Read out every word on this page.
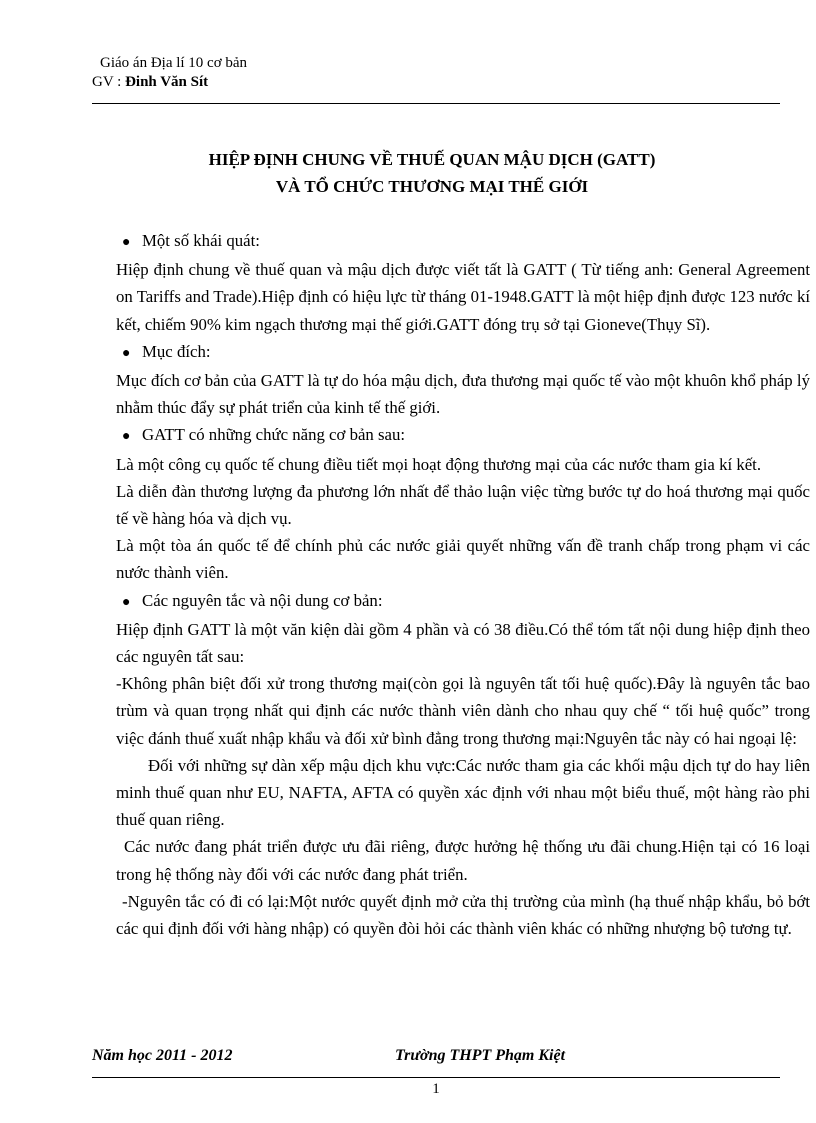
Giáo án Địa lí 10 cơ bản
GV : Đinh Văn Sít
HIỆP ĐỊNH CHUNG VỀ THUẾ QUAN MẬU DỊCH (GATT)
VÀ TỔ CHỨC THƯƠNG MẠI THẾ GIỚI

● Một số khái quát:

Hiệp định chung về thuế quan và mậu dịch được viết tất là GATT ( Từ tiếng anh: General Agreement on Tariffs and Trade).Hiệp định có hiệu lực từ tháng 01-1948.GATT là một hiệp định được 123 nước kí kết, chiếm 90% kim ngạch thương mại thế giới.GATT đóng trụ sở tại Gioneve(Thụy Sĩ).

● Mục đích:

Mục đích cơ bản của GATT là tự do hóa mậu dịch, đưa thương mại quốc tế vào một khuôn khổ pháp lý nhằm thúc đẩy sự phát triển của kinh tế thế giới.

● GATT có những chức năng cơ bản sau:

Là một công cụ quốc tế chung điều tiết mọi hoạt động thương mại của các nước tham gia kí kết.

Là diễn đàn thương lượng đa phương lớn nhất để thảo luận việc từng bước tự do hoá thương mại quốc tế về hàng hóa và dịch vụ.

Là một tòa án quốc tế để chính phủ các nước giải quyết những vấn đề tranh chấp trong phạm vi các nước thành viên.

● Các nguyên tắc và nội dung cơ bản:

Hiệp định GATT là một văn kiện dài gồm 4 phần và có 38 điều.Có thể tóm tất nội dung hiệp định theo các nguyên tất sau:

-Không phân biệt đối xử trong thương mại(còn gọi là nguyên tất tối huệ quốc).Đây là nguyên tắc bao trùm và quan trọng nhất qui định các nước thành viên dành cho nhau quy chế “ tối huệ quốc” trong việc đánh thuế xuất nhập khẩu và đối xử bình đẳng trong thương mại:Nguyên tắc này có hai ngoại lệ:

Đối với những sự dàn xếp mậu dịch khu vực:Các nước tham gia các khối mậu dịch tự do hay liên minh thuế quan như EU, NAFTA, AFTA có quyền xác định với nhau một biểu thuế, một hàng rào phi thuế quan riêng.

Các nước đang phát triển được ưu đãi riêng, được hưởng hệ thống ưu đãi chung.Hiện tại có 16 loại trong hệ thống này đối với các nước đang phát triển.

-Nguyên tắc có đi có lại:Một nước quyết định mở cửa thị trường của mình (hạ thuế nhập khẩu, bỏ bớt các qui định đối với hàng nhập) có quyền đòi hỏi các thành viên khác có những nhượng bộ tương tự.

Năm học 2011 - 2012	Trường THPT Phạm Kiệt
1
